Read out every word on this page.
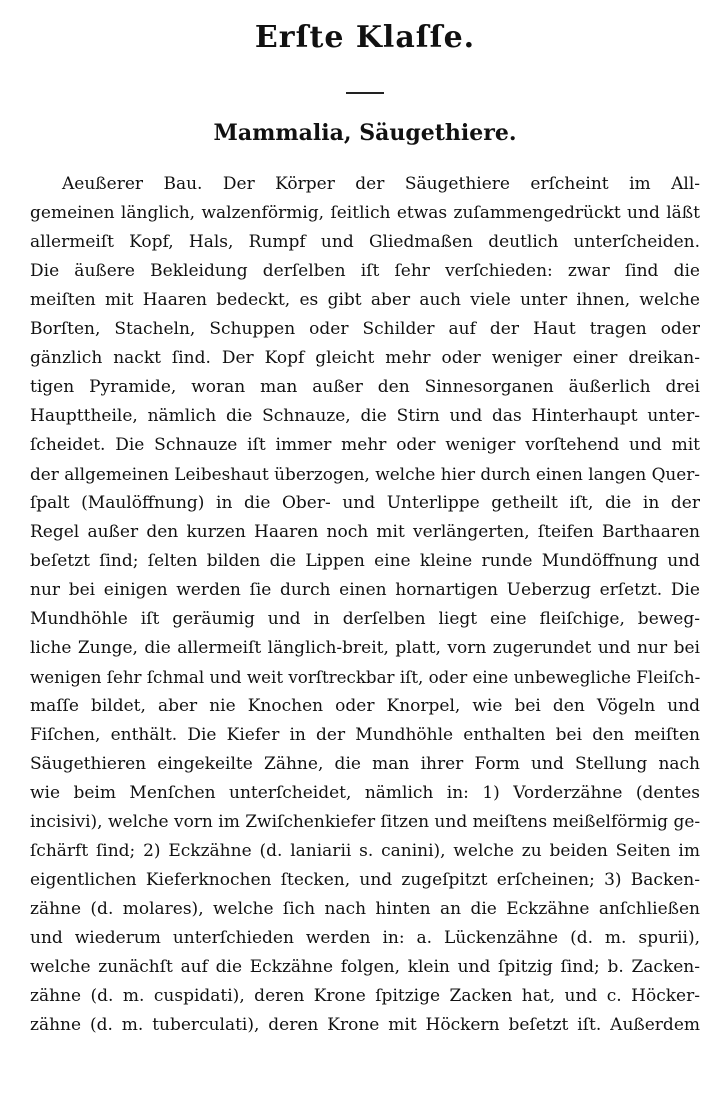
Erſte Klaſſe.
Mammalia, Säugethiere.
Aeußerer Bau. Der Körper der Säugethiere erſcheint im All-
gemeinen länglich, walzenförmig, ſeitlich etwas zuſammengedrückt und läßt
allermeiſt Kopf, Hals, Rumpf und Gliedmaßen deutlich unterſcheiden.
Die äußere Bekleidung derſelben iſt ſehr verſchieden: zwar ſind die
meiſten mit Haaren bedeckt, es gibt aber auch viele unter ihnen, welche
Borſten, Stacheln, Schuppen oder Schilder auf der Haut tragen oder
gänzlich nackt ſind. Der Kopf gleicht mehr oder weniger einer dreikan-
tigen Pyramide, woran man außer den Sinnesorganen äußerlich drei
Haupttheile, nämlich die Schnauze, die Stirn und das Hinterhaupt unter-
ſcheidet. Die Schnauze iſt immer mehr oder weniger vorſtehend und mit
der allgemeinen Leibeshaut überzogen, welche hier durch einen langen Quer-
ſpalt (Maulöffnung) in die Ober- und Unterlippe getheilt iſt, die in der
Regel außer den kurzen Haaren noch mit verlängerten, ſteifen Barthaaren
beſetzt ſind; ſelten bilden die Lippen eine kleine runde Mundöffnung und
nur bei einigen werden ſie durch einen hornartigen Ueberzug erſetzt. Die
Mundhöhle iſt geräumig und in derſelben liegt eine fleiſchige, beweg-
liche Zunge, die allermeiſt länglich-breit, platt, vorn zugerundet und nur bei
wenigen ſehr ſchmal und weit vorſtreckbar iſt, oder eine unbewegliche Fleiſch-
maſſe bildet, aber nie Knochen oder Knorpel, wie bei den Vögeln und
Fiſchen, enthält. Die Kiefer in der Mundhöhle enthalten bei den meiſten
Säugethieren eingekeilte Zähne, die man ihrer Form und Stellung nach
wie beim Menſchen unterſcheidet, nämlich in: 1) Vorderzähne (dentes
incisivi), welche vorn im Zwiſchenkiefer ſitzen und meiſtens meißelförmig ge-
ſchärft ſind; 2) Eckzähne (d. laniarii s. canini), welche zu beiden Seiten im
eigentlichen Kieferknochen ſtecken, und zugeſpitzt erſcheinen; 3) Backen-
zähne (d. molares), welche ſich nach hinten an die Eckzähne anſchließen
und wiederum unterſchieden werden in: a. Lückenzähne (d. m. spurii),
welche zunächſt auf die Eckzähne folgen, klein und ſpitzig ſind; b. Zacken-
zähne (d. m. cuspidati), deren Krone ſpitzige Zacken hat, und c. Höcker-
zähne (d. m. tuberculati), deren Krone mit Höckern beſetzt iſt. Außerdem
